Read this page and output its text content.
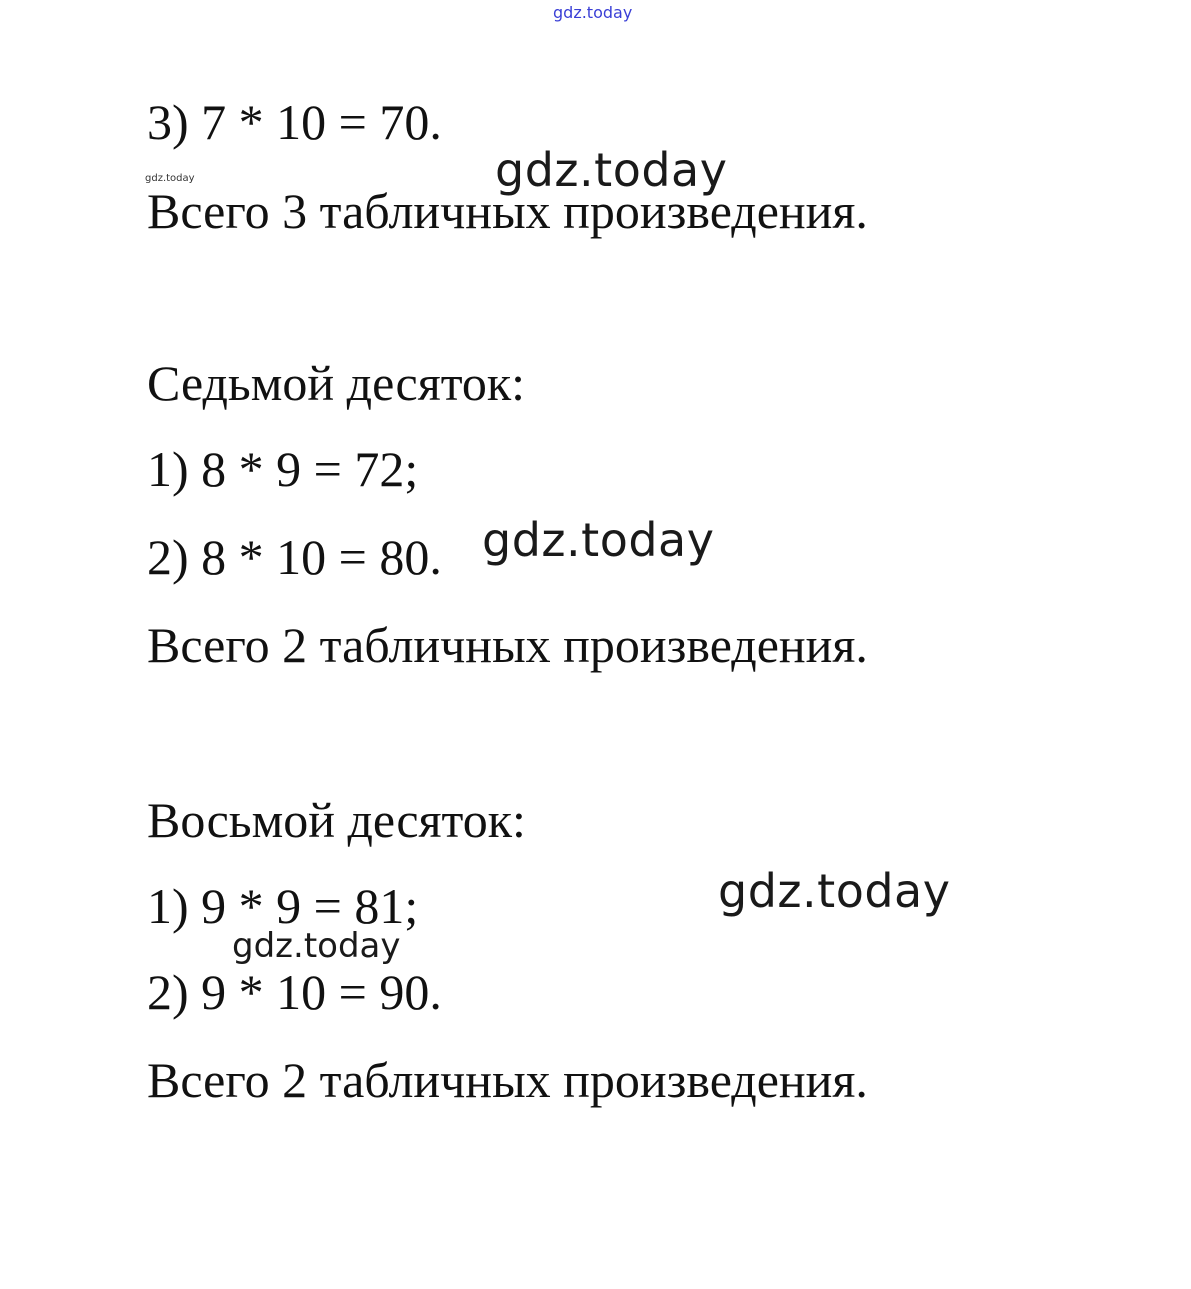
gdz.today
3) 7 * 10 = 70.
gdz.today	gdz.today
Всего 3 табличных произведения.
Седьмой десяток:
1) 8 * 9 = 72;
2) 8 * 10 = 80. gdz.today
Всего 2 табличных произведения.
Восьмой десяток:
gdz.today
1) 9 * 9 = 81;
gdz.today
2) 9 * 10 = 90.
Всего 2 табличных произведения.
